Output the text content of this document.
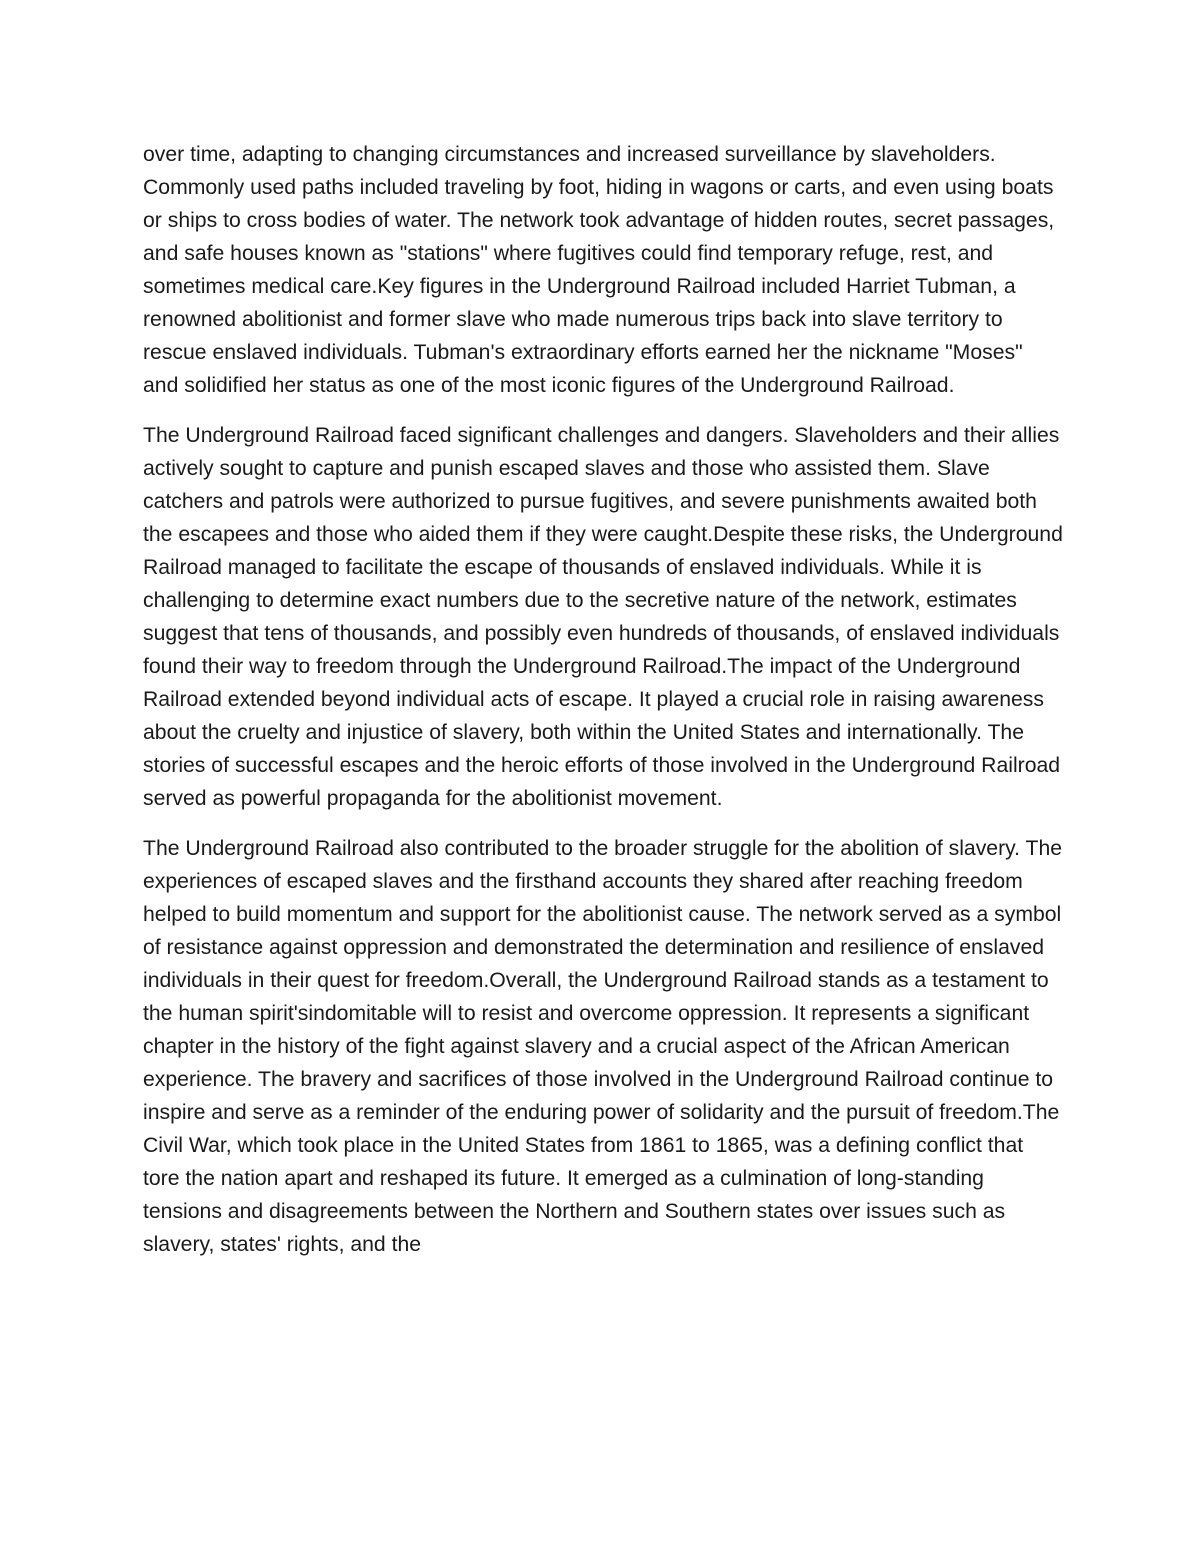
over time, adapting to changing circumstances and increased surveillance by slaveholders. Commonly used paths included traveling by foot, hiding in wagons or carts, and even using boats or ships to cross bodies of water. The network took advantage of hidden routes, secret passages, and safe houses known as "stations" where fugitives could find temporary refuge, rest, and sometimes medical care.Key figures in the Underground Railroad included Harriet Tubman, a renowned abolitionist and former slave who made numerous trips back into slave territory to rescue enslaved individuals. Tubman's extraordinary efforts earned her the nickname "Moses" and solidified her status as one of the most iconic figures of the Underground Railroad.

The Underground Railroad faced significant challenges and dangers. Slaveholders and their allies actively sought to capture and punish escaped slaves and those who assisted them. Slave catchers and patrols were authorized to pursue fugitives, and severe punishments awaited both the escapees and those who aided them if they were caught.Despite these risks, the Underground Railroad managed to facilitate the escape of thousands of enslaved individuals. While it is challenging to determine exact numbers due to the secretive nature of the network, estimates suggest that tens of thousands, and possibly even hundreds of thousands, of enslaved individuals found their way to freedom through the Underground Railroad.The impact of the Underground Railroad extended beyond individual acts of escape. It played a crucial role in raising awareness about the cruelty and injustice of slavery, both within the United States and internationally. The stories of successful escapes and the heroic efforts of those involved in the Underground Railroad served as powerful propaganda for the abolitionist movement.

The Underground Railroad also contributed to the broader struggle for the abolition of slavery. The experiences of escaped slaves and the firsthand accounts they shared after reaching freedom helped to build momentum and support for the abolitionist cause. The network served as a symbol of resistance against oppression and demonstrated the determination and resilience of enslaved individuals in their quest for freedom.Overall, the Underground Railroad stands as a testament to the human spirit'sindomitable will to resist and overcome oppression. It represents a significant chapter in the history of the fight against slavery and a crucial aspect of the African American experience. The bravery and sacrifices of those involved in the Underground Railroad continue to inspire and serve as a reminder of the enduring power of solidarity and the pursuit of freedom.The Civil War, which took place in the United States from 1861 to 1865, was a defining conflict that tore the nation apart and reshaped its future. It emerged as a culmination of long-standing tensions and disagreements between the Northern and Southern states over issues such as slavery, states' rights, and the
